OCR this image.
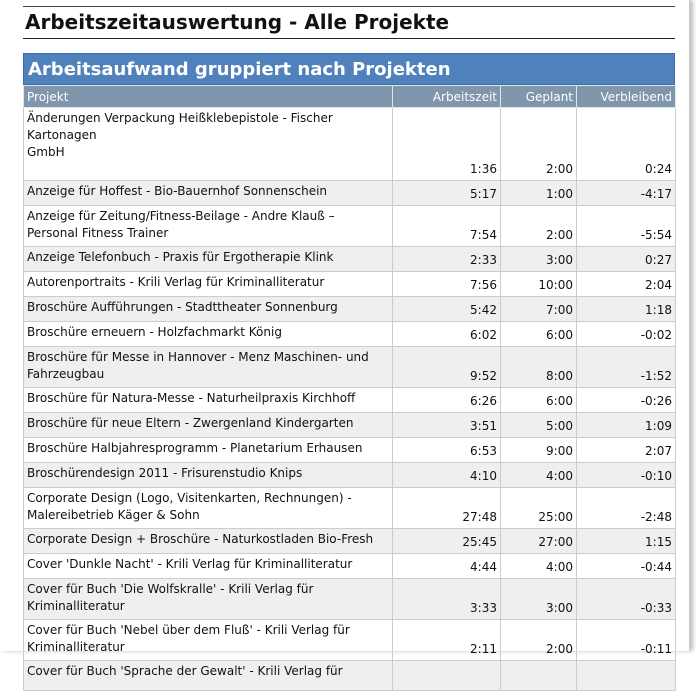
Arbeitszeitauswertung - Alle Projekte
Arbeitsaufwand gruppiert nach Projekten
Projekt	Arbeitszeit	Geplant	Verbleibend
Änderungen Verpackung Heißklebepistole - Fischer Kartonagen
GmbH	1:36	2:00	0:24
Anzeige für Hoffest - Bio-Bauernhof Sonnenschein	5:17	1:00	-4:17
Anzeige für Zeitung/Fitness-Beilage - Andre Klauß – Personal Fitness Trainer	7:54	2:00	-5:54
Anzeige Telefonbuch - Praxis für Ergotherapie Klink	2:33	3:00	0:27
Autorenportraits - Krili Verlag für Kriminalliteratur	7:56	10:00	2:04
Broschüre Aufführungen - Stadttheater Sonnenburg	5:42	7:00	1:18
Broschüre erneuern - Holzfachmarkt König	6:02	6:00	-0:02
Broschüre für Messe in Hannover - Menz Maschinen- und Fahrzeugbau	9:52	8:00	-1:52
Broschüre für Natura-Messe - Naturheilpraxis Kirchhoff	6:26	6:00	-0:26
Broschüre für neue Eltern - Zwergenland Kindergarten	3:51	5:00	1:09
Broschüre Halbjahresprogramm - Planetarium Erhausen	6:53	9:00	2:07
Broschürendesign 2011 - Frisurenstudio Knips	4:10	4:00	-0:10
Corporate Design (Logo, Visitenkarten, Rechnungen) - Malereibetrieb Käger & Sohn	27:48	25:00	-2:48
Corporate Design + Broschüre - Naturkostladen Bio-Fresh	25:45	27:00	1:15
Cover 'Dunkle Nacht' - Krili Verlag für Kriminalliteratur	4:44	4:00	-0:44
Cover für Buch 'Die Wolfskralle' - Krili Verlag für Kriminalliteratur	3:33	3:00	-0:33
Cover für Buch 'Nebel über dem Fluß' - Krili Verlag für Kriminalliteratur	2:11	2:00	-0:11
Cover für Buch 'Sprache der Gewalt' - Krili Verlag für			
